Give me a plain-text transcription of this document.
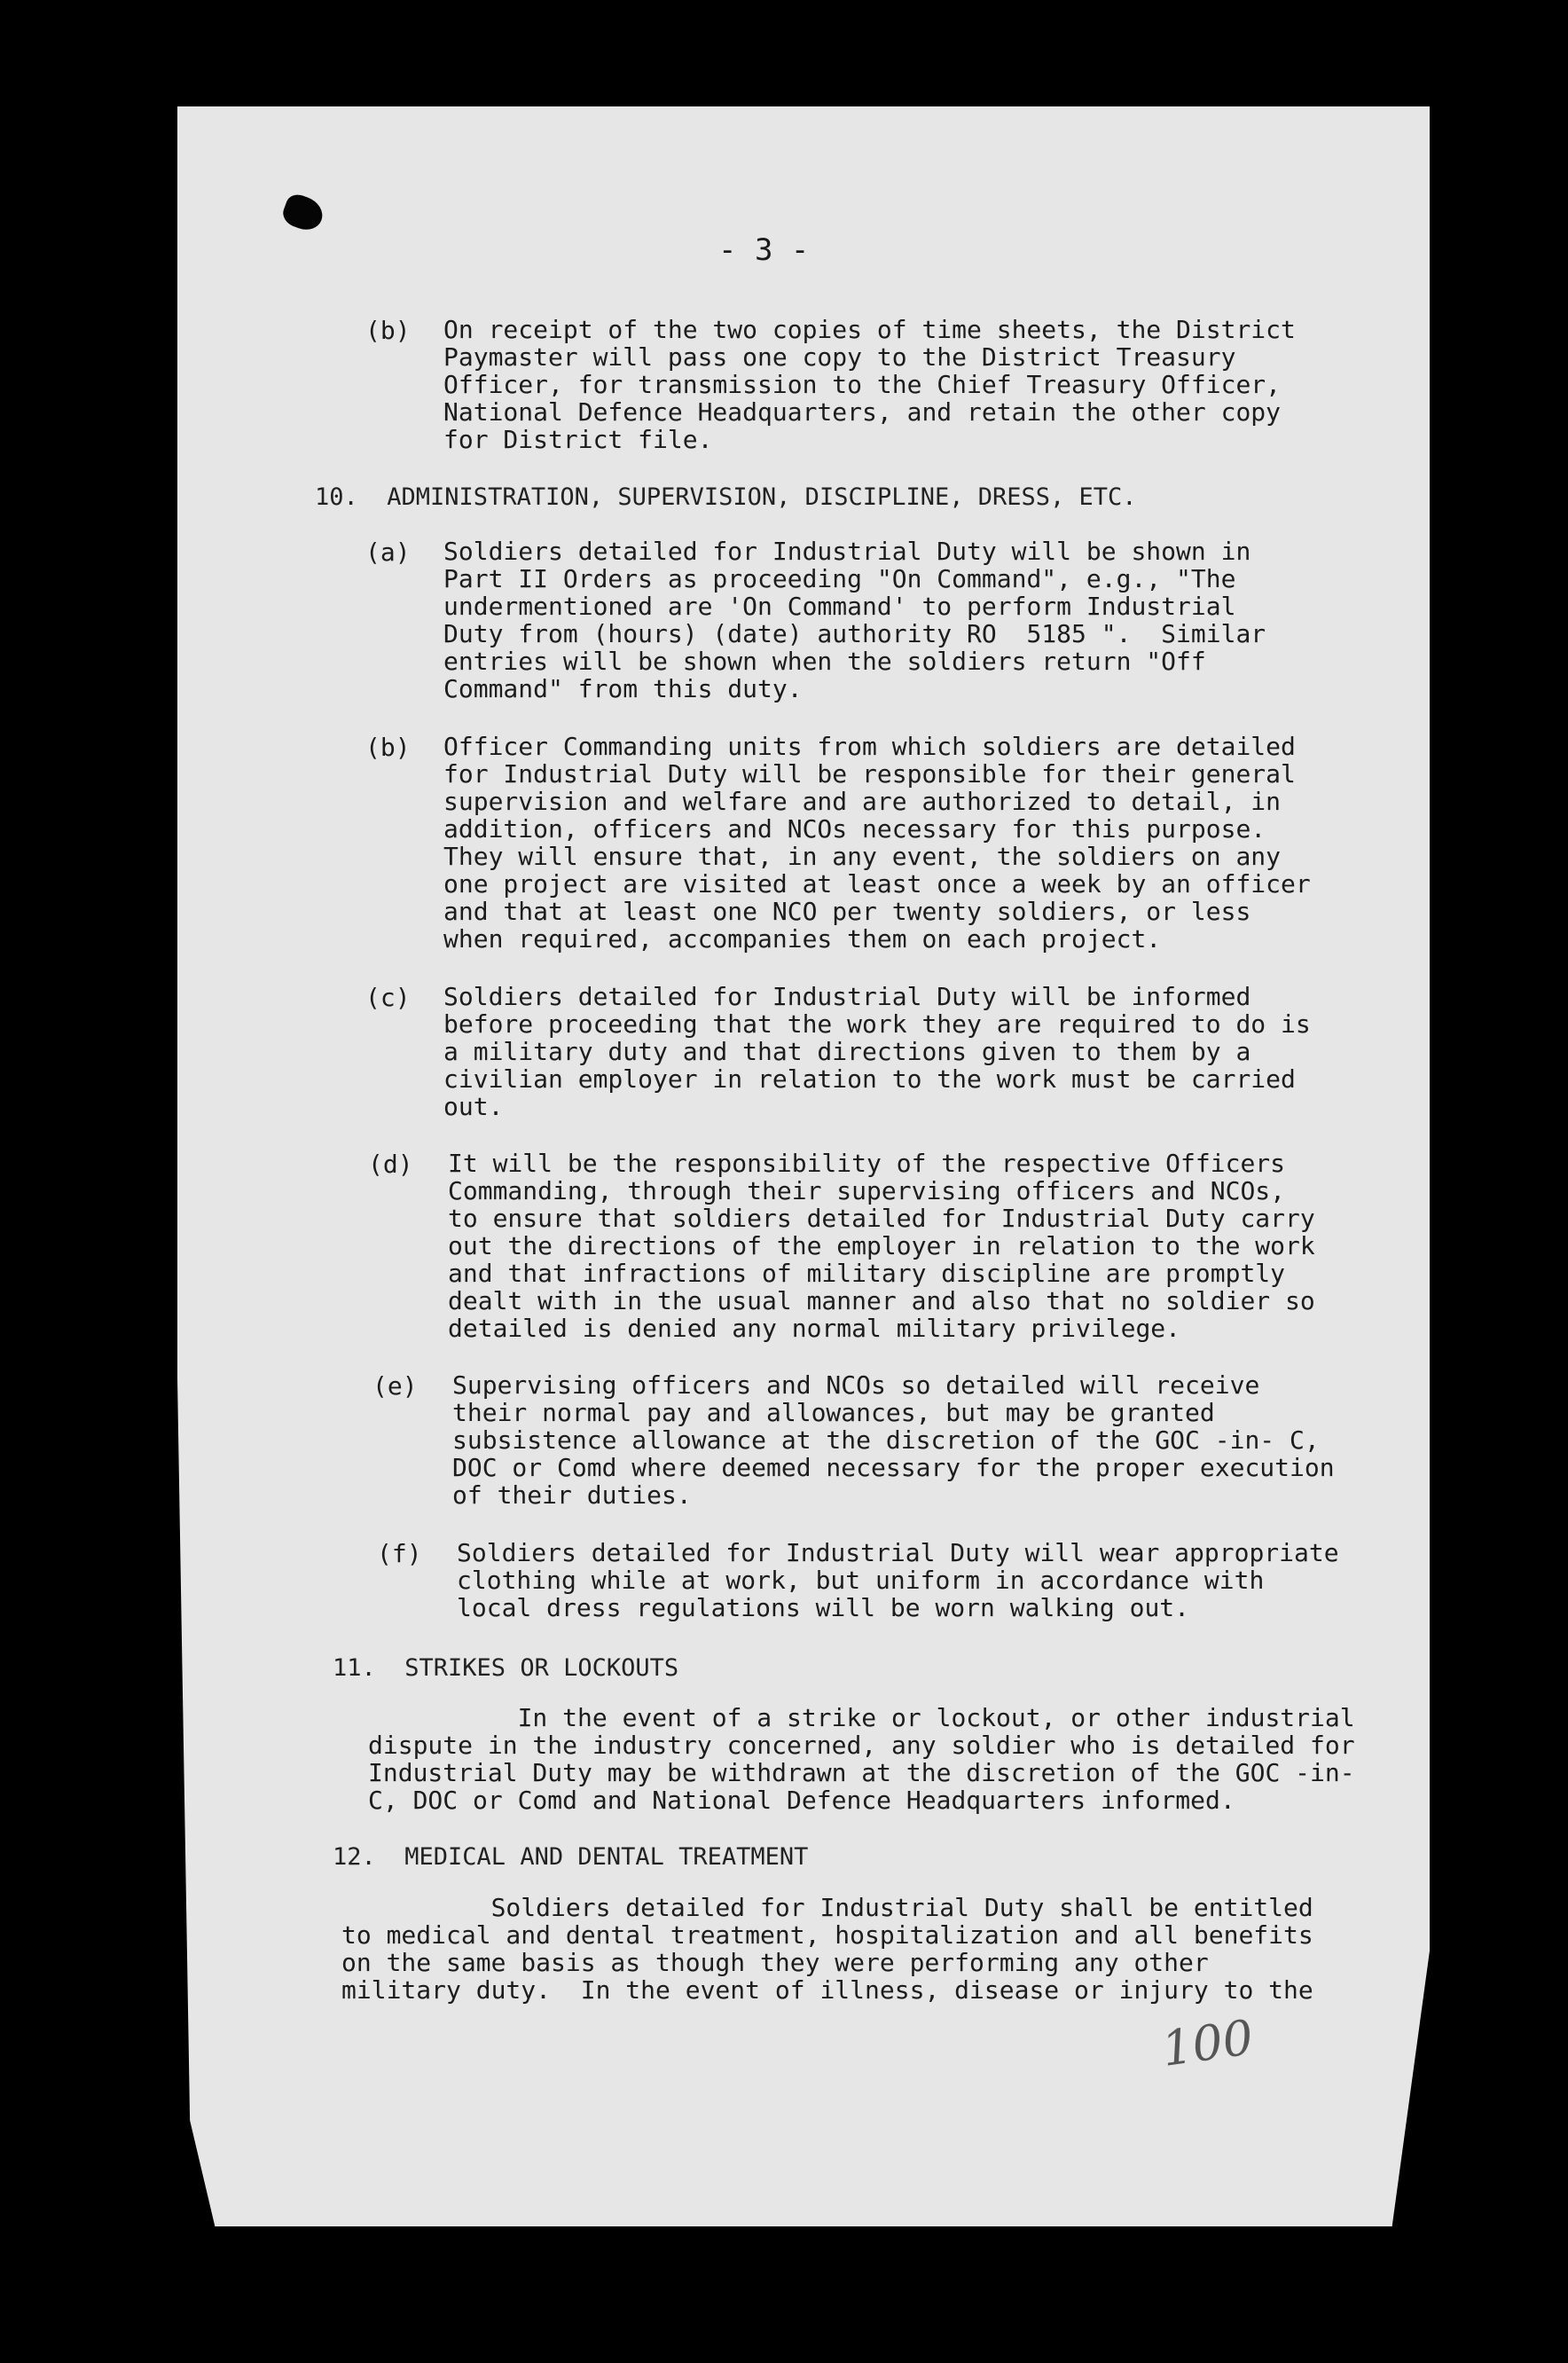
- 3 -
(b) On receipt of the two copies of time sheets, the District
Paymaster will pass one copy to the District Treasury
Officer, for transmission to the Chief Treasury Officer,
National Defence Headquarters, and retain the other copy
for District file.
10.  ADMINISTRATION, SUPERVISION, DISCIPLINE, DRESS, ETC.
(a) Soldiers detailed for Industrial Duty will be shown in
Part II Orders as proceeding "On Command", e.g., "The
undermentioned are 'On Command' to perform Industrial
Duty from (hours) (date) authority RO  5185 ".  Similar
entries will be shown when the soldiers return "Off
Command" from this duty.
(b) Officer Commanding units from which soldiers are detailed
for Industrial Duty will be responsible for their general
supervision and welfare and are authorized to detail, in
addition, officers and NCOs necessary for this purpose.
They will ensure that, in any event, the soldiers on any
one project are visited at least once a week by an officer
and that at least one NCO per twenty soldiers, or less
when required, accompanies them on each project.
(c) Soldiers detailed for Industrial Duty will be informed
before proceeding that the work they are required to do is
a military duty and that directions given to them by a
civilian employer in relation to the work must be carried
out.
(d) It will be the responsibility of the respective Officers
Commanding, through their supervising officers and NCOs,
to ensure that soldiers detailed for Industrial Duty carry
out the directions of the employer in relation to the work
and that infractions of military discipline are promptly
dealt with in the usual manner and also that no soldier so
detailed is denied any normal military privilege.
(e) Supervising officers and NCOs so detailed will receive
their normal pay and allowances, but may be granted
subsistence allowance at the discretion of the GOC -in- C,
DOC or Comd where deemed necessary for the proper execution
of their duties.
(f) Soldiers detailed for Industrial Duty will wear appropriate
clothing while at work, but uniform in accordance with
local dress regulations will be worn walking out.
11.  STRIKES OR LOCKOUTS
In the event of a strike or lockout, or other industrial
dispute in the industry concerned, any soldier who is detailed for
Industrial Duty may be withdrawn at the discretion of the GOC -in-
C, DOC or Comd and National Defence Headquarters informed.
12.  MEDICAL AND DENTAL TREATMENT
Soldiers detailed for Industrial Duty shall be entitled
to medical and dental treatment, hospitalization and all benefits
on the same basis as though they were performing any other
military duty.  In the event of illness, disease or injury to the
100
